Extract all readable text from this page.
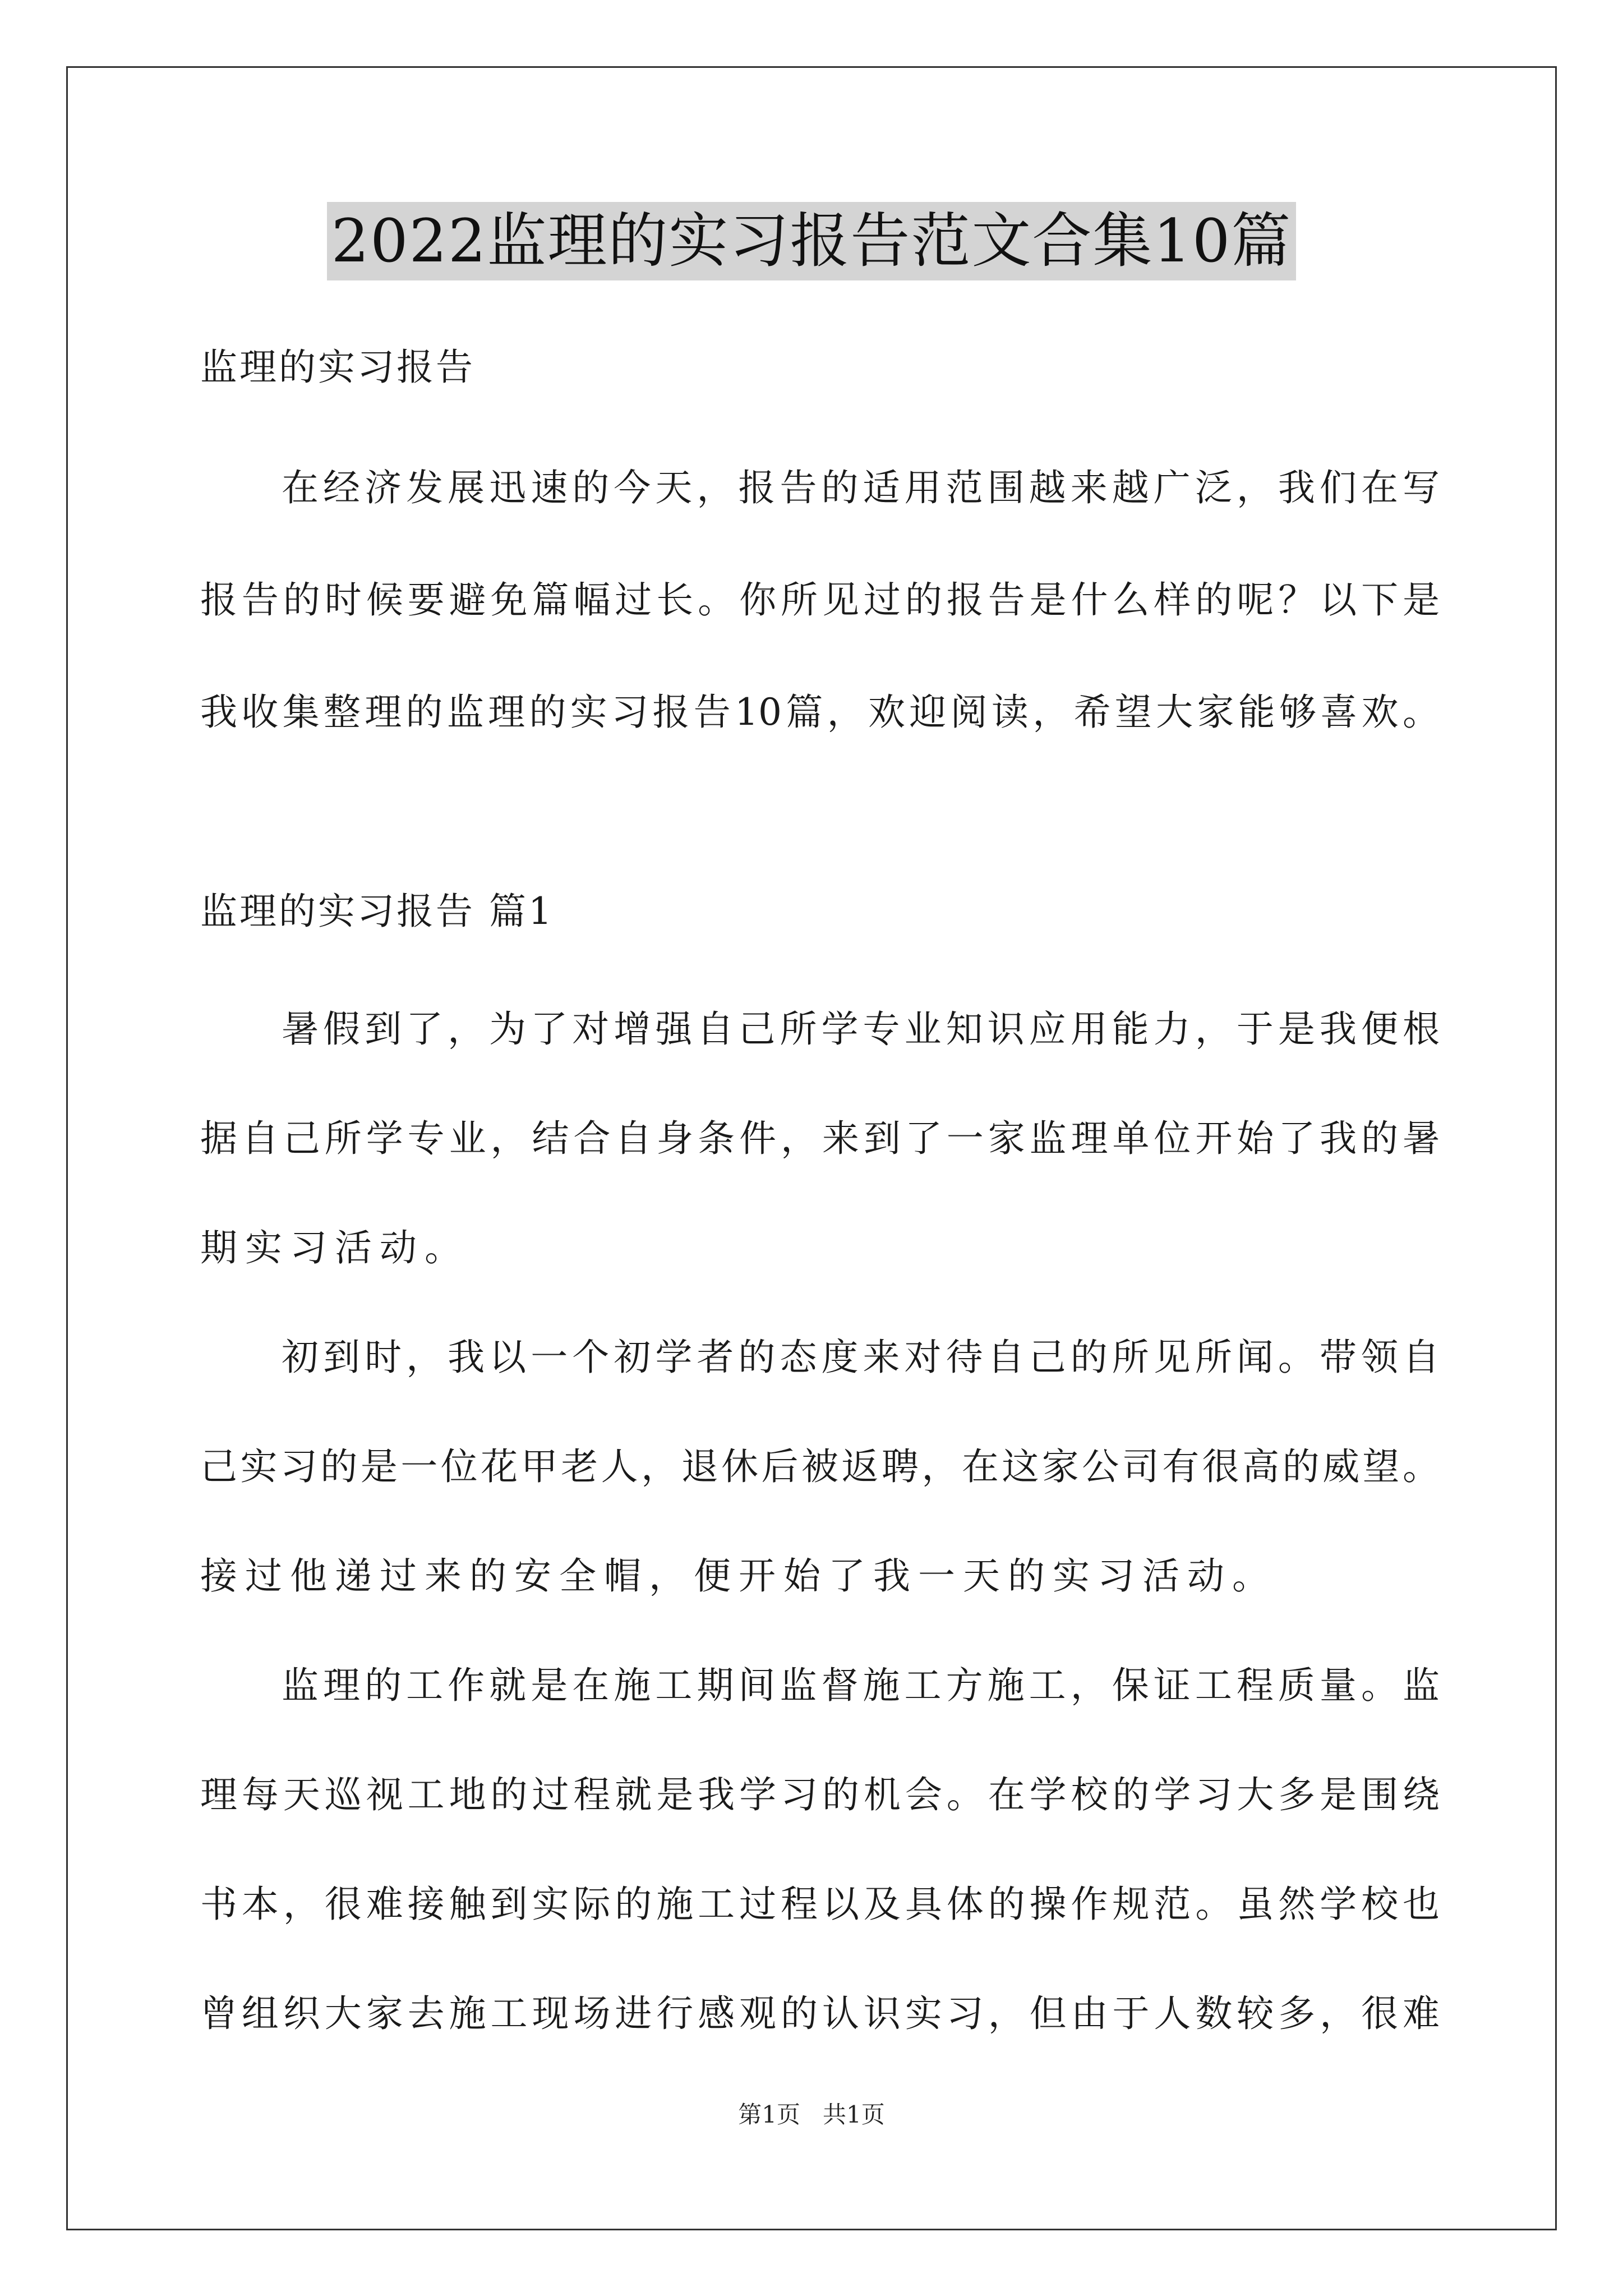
2022监理的实习报告范文合集10篇
监理的实习报告
在经济发展迅速的今天，报告的适用范围越来越广泛，我们在写
报告的时候要避免篇幅过长。你所见过的报告是什么样的呢？以下是
我收集整理的监理的实习报告10篇，欢迎阅读，希望大家能够喜欢。
监理的实习报告 篇1
暑假到了，为了对增强自己所学专业知识应用能力，于是我便根
据自己所学专业，结合自身条件，来到了一家监理单位开始了我的暑
期实习活动。
初到时，我以一个初学者的态度来对待自己的所见所闻。带领自
己实习的是一位花甲老人，退休后被返聘，在这家公司有很高的威望。
接过他递过来的安全帽，便开始了我一天的实习活动。
监理的工作就是在施工期间监督施工方施工，保证工程质量。监
理每天巡视工地的过程就是我学习的机会。在学校的学习大多是围绕
书本，很难接触到实际的施工过程以及具体的操作规范。虽然学校也
曾组织大家去施工现场进行感观的认识实习，但由于人数较多，很难
第1页 共1页
